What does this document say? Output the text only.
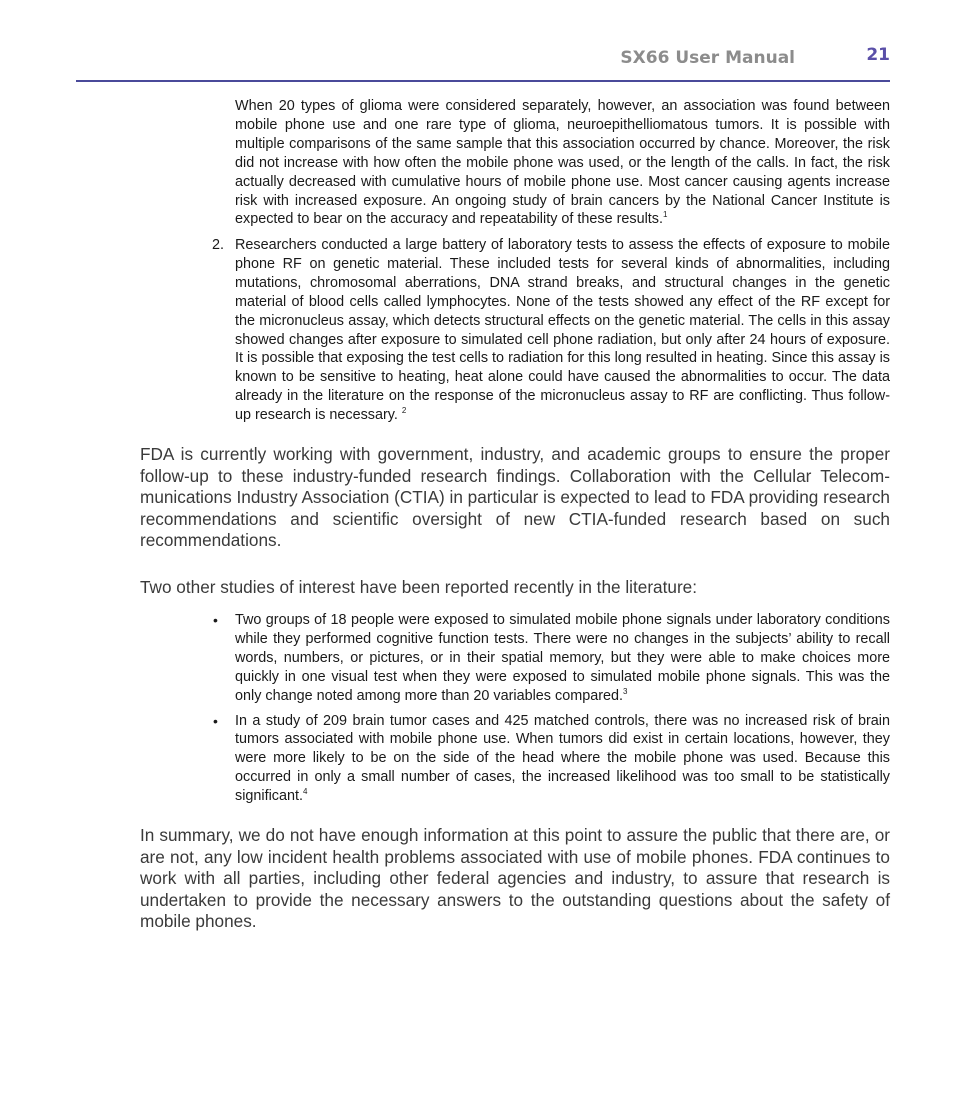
SX66 User Manual	21

When 20 types of glioma were considered separately, however, an association was found between mobile phone use and one rare type of glioma, neuroepithelliomatous tumors. It is possible with multiple comparisons of the same sample that this association occurred by chance. Moreover, the risk did not increase with how often the mobile phone was used, or the length of the calls. In fact, the risk actually decreased with cumulative hours of mobile phone use. Most cancer causing agents increase risk with increased exposure. An ongoing study of brain cancers by the National Cancer Institute is expected to bear on the accuracy and repeatability of these results.$^1$

2. Researchers conducted a large battery of laboratory tests to assess the effects of exposure to mobile phone RF on genetic material. These included tests for several kinds of abnormalities, including mutations, chromosomal aberrations, DNA strand breaks, and structural changes in the genetic material of blood cells called lymphocytes. None of the tests showed any effect of the RF except for the micronucleus assay, which detects structural effects on the genetic material. The cells in this assay showed changes after exposure to simulated cell phone radiation, but only after 24 hours of exposure. It is possible that exposing the test cells to radiation for this long resulted in heating. Since this assay is known to be sensitive to heating, heat alone could have caused the abnormalities to occur. The data already in the literature on the response of the micronucleus assay to RF are conflicting. Thus follow-up research is necessary. $^2$

FDA is currently working with government, industry, and academic groups to ensure the proper follow-up to these industry-funded research findings. Collaboration with the Cellular Telecommunications Industry Association (CTIA) in particular is expected to lead to FDA providing research recommendations and scientific oversight of new CTIA-funded research based on such recommendations.

Two other studies of interest have been reported recently in the literature:

• Two groups of 18 people were exposed to simulated mobile phone signals under laboratory conditions while they performed cognitive function tests. There were no changes in the subjects’ ability to recall words, numbers, or pictures, or in their spatial memory, but they were able to make choices more quickly in one visual test when they were exposed to simulated mobile phone signals. This was the only change noted among more than 20 variables compared.$^3$

• In a study of 209 brain tumor cases and 425 matched controls, there was no increased risk of brain tumors associated with mobile phone use. When tumors did exist in certain locations, however, they were more likely to be on the side of the head where the mobile phone was used. Because this occurred in only a small number of cases, the increased likelihood was too small to be statistically significant.$^4$

In summary, we do not have enough information at this point to assure the public that there are, or are not, any low incident health problems associated with use of mobile phones. FDA continues to work with all parties, including other federal agencies and industry, to assure that research is undertaken to provide the necessary answers to the outstanding questions about the safety of mobile phones.
